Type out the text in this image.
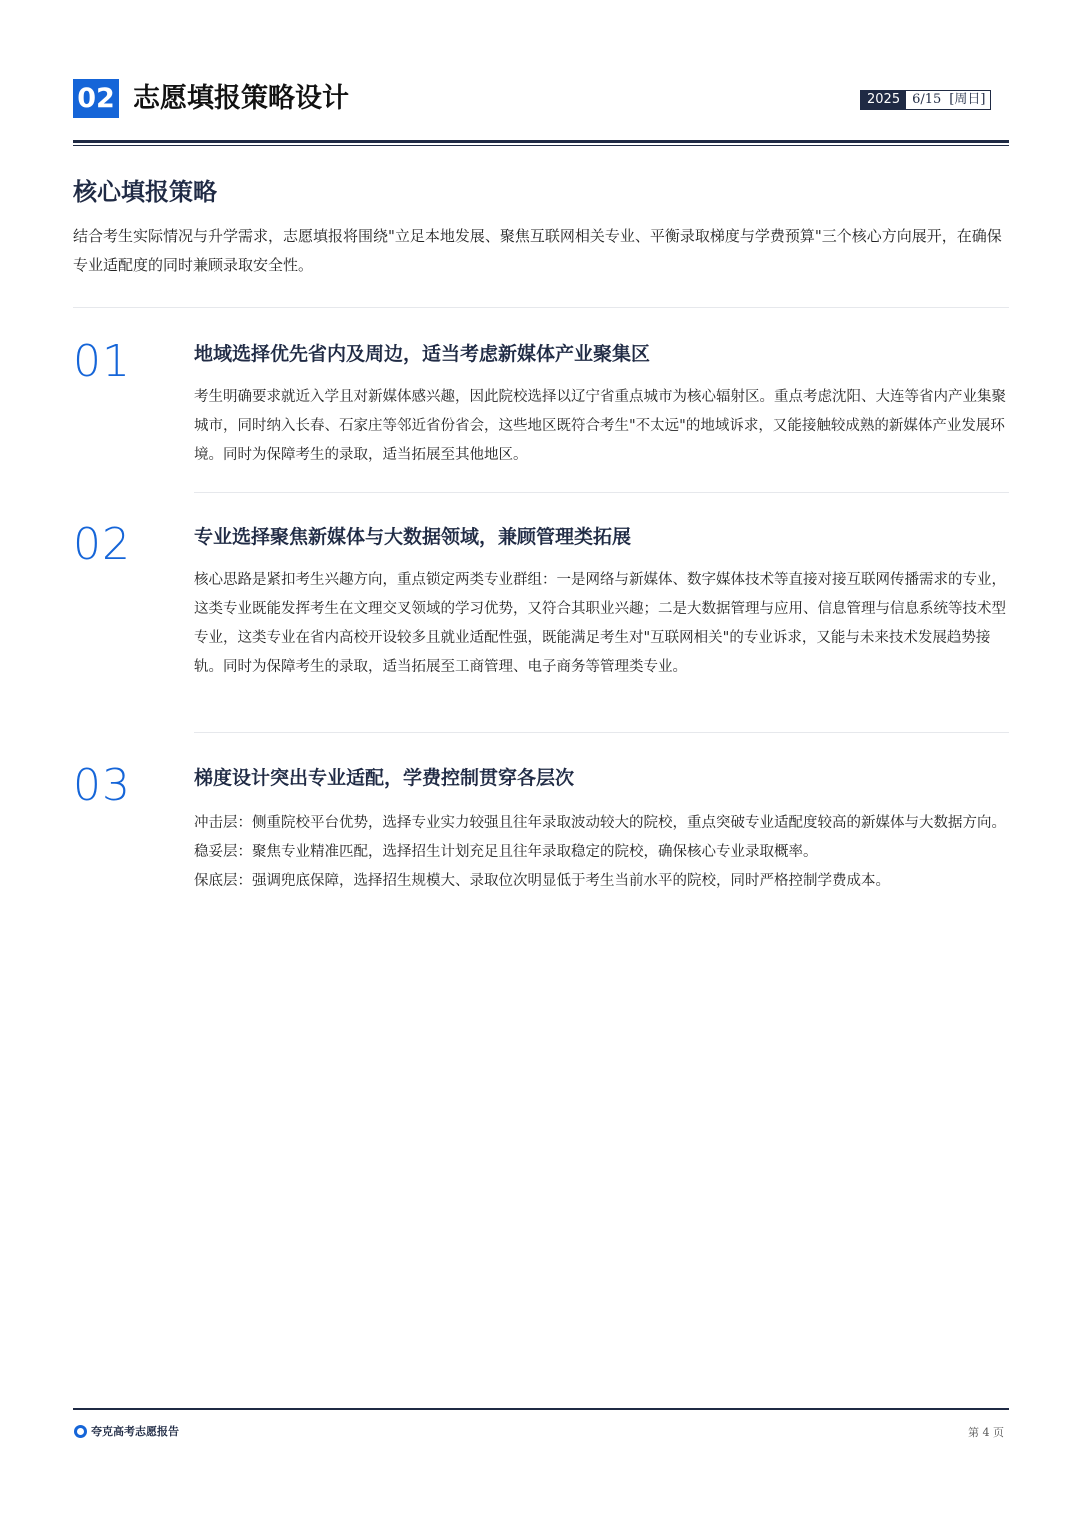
02 志愿填报策略设计	2025 6/15 [周日]
核心填报策略
结合考生实际情况与升学需求，志愿填报将围绕"立足本地发展、聚焦互联网相关专业、平衡录取梯度与学费预算"三个核心方向展开，在确保专业适配度的同时兼顾录取安全性。
01	地域选择优先省内及周边，适当考虑新媒体产业聚集区
考生明确要求就近入学且对新媒体感兴趣，因此院校选择以辽宁省重点城市为核心辐射区。重点考虑沈阳、大连等省内产业集聚城市，同时纳入长春、石家庄等邻近省份省会，这些地区既符合考生"不太远"的地域诉求，又能接触较成熟的新媒体产业发展环境。同时为保障考生的录取，适当拓展至其他地区。
02	专业选择聚焦新媒体与大数据领域，兼顾管理类拓展
核心思路是紧扣考生兴趣方向，重点锁定两类专业群组：一是网络与新媒体、数字媒体技术等直接对接互联网传播需求的专业，这类专业既能发挥考生在文理交叉领域的学习优势，又符合其职业兴趣；二是大数据管理与应用、信息管理与信息系统等技术型专业，这类专业在省内高校开设较多且就业适配性强，既能满足考生对"互联网相关"的专业诉求，又能与未来技术发展趋势接轨。同时为保障考生的录取，适当拓展至工商管理、电子商务等管理类专业。
03	梯度设计突出专业适配，学费控制贯穿各层次
冲击层：侧重院校平台优势，选择专业实力较强且往年录取波动较大的院校，重点突破专业适配度较高的新媒体与大数据方向。
稳妥层：聚焦专业精准匹配，选择招生计划充足且往年录取稳定的院校，确保核心专业录取概率。
保底层：强调兜底保障，选择招生规模大、录取位次明显低于考生当前水平的院校，同时严格控制学费成本。
夸克高考志愿报告	第 4 页
